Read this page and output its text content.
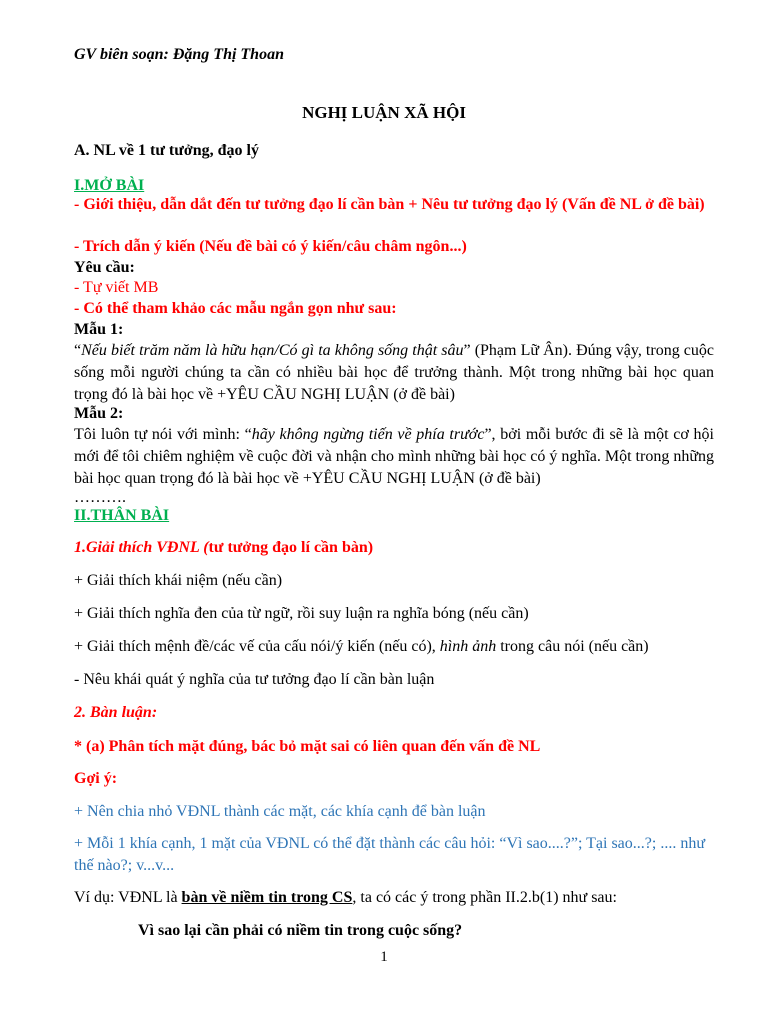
GV biên soạn: Đặng Thị Thoan

NGHỊ LUẬN XÃ HỘI

A. NL về 1 tư tưởng, đạo lý

I.MỞ BÀI

- Giới thiệu, dẫn dắt đến tư tưởng đạo lí cần bàn + Nêu tư tưởng đạo lý (Vấn đề NL ở đề bài)

- Trích dẫn ý kiến (Nếu đề bài có ý kiến/câu châm ngôn...)

Yêu cầu:

- Tự viết MB

- Có thể tham khảo các mẫu ngắn gọn như sau:

Mẫu 1:

“Nếu biết trăm năm là hữu hạn/Có gì ta không sống thật sâu” (Phạm Lữ Ân). Đúng vậy, trong cuộc sống mỗi người chúng ta cần có nhiều bài học để trưởng thành. Một trong những bài học quan trọng đó là bài học về +YÊU CẦU NGHỊ LUẬN (ở đề bài)

Mẫu 2:

Tôi luôn tự nói với mình: “hãy không ngừng tiến về phía trước”, bởi mỗi bước đi sẽ là một cơ hội mới để tôi chiêm nghiệm về cuộc đời và nhận cho mình những bài học có ý nghĩa. Một trong những bài học quan trọng đó là bài học về +YÊU CẦU NGHỊ LUẬN (ở đề bài)

……….

II.THÂN BÀI

1.Giải thích VĐNL (tư tưởng đạo lí cần bàn)

+ Giải thích khái niệm (nếu cần)

+ Giải thích nghĩa đen của từ ngữ, rồi suy luận ra nghĩa bóng (nếu cần)

+ Giải thích mệnh đề/các vế của cấu nói/ý kiến (nếu có), hình ảnh trong câu nói (nếu cần)

- Nêu khái quát ý nghĩa của tư tưởng đạo lí cần bàn luận

2. Bàn luận:

* (a) Phân tích mặt đúng, bác bỏ mặt sai có liên quan đến vấn đề NL

Gợi ý:

+ Nên chia nhỏ VĐNL thành các mặt, các khía cạnh để bàn luận

+ Mỗi 1 khía cạnh, 1 mặt của VĐNL có thể đặt thành các câu hỏi: “Vì sao....?”; Tại sao...?; .... như thế nào?; v...v...

Ví dụ: VĐNL là bàn về niềm tin trong CS, ta có các ý trong phần II.2.b(1) như sau:

Vì sao lại cần phải có niềm tin trong cuộc sống?

1
